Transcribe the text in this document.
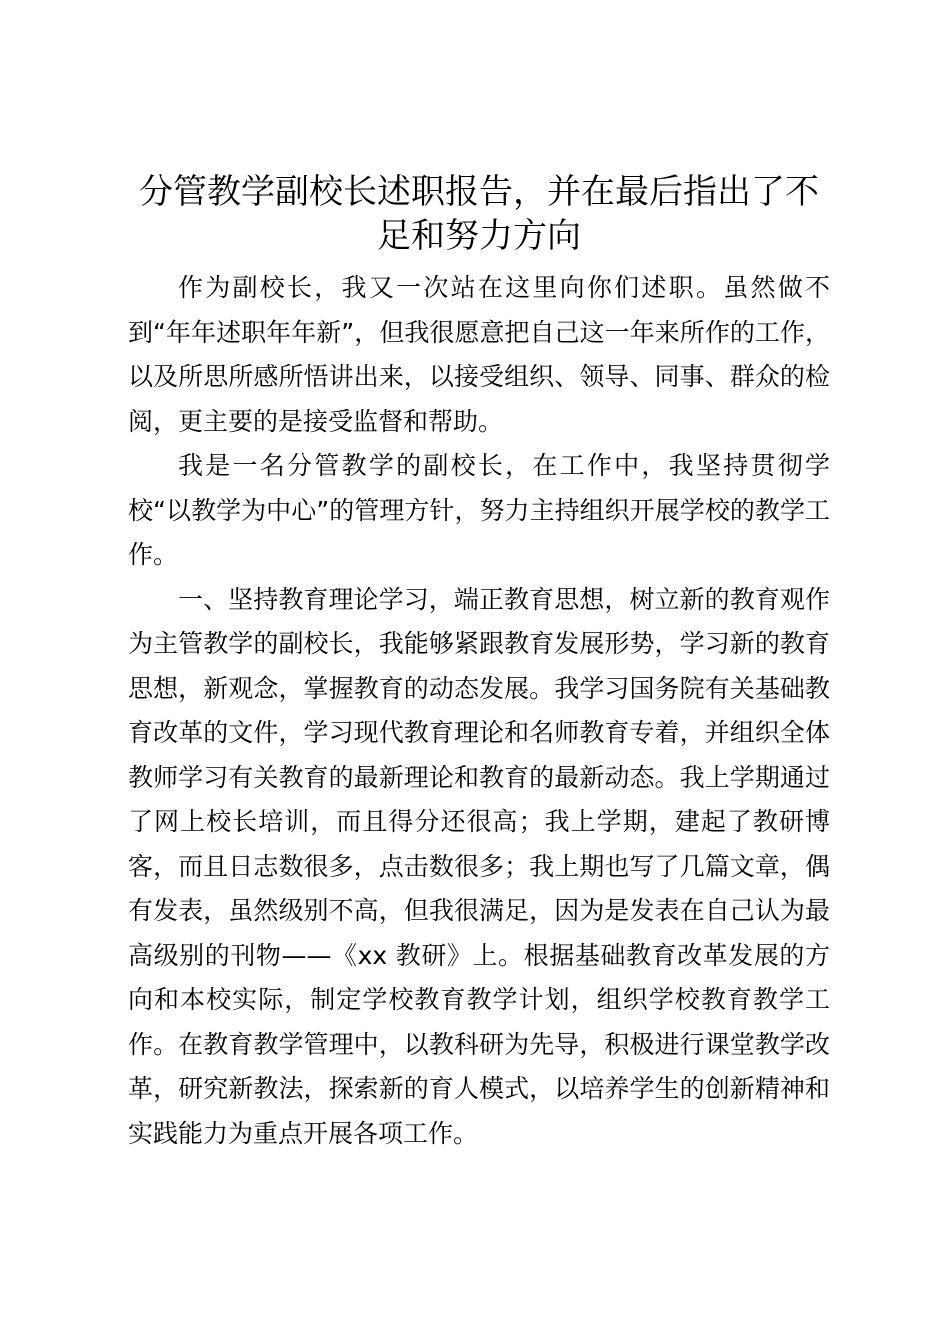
分管教学副校长述职报告，并在最后指出了不足和努力方向

作为副校长，我又一次站在这里向你们述职。虽然做不到“年年述职年年新”，但我很愿意把自己这一年来所作的工作，以及所思所感所悟讲出来，以接受组织、领导、同事、群众的检阅，更主要的是接受监督和帮助。

我是一名分管教学的副校长，在工作中，我坚持贯彻学校“以教学为中心”的管理方针，努力主持组织开展学校的教学工作。

一、坚持教育理论学习，端正教育思想，树立新的教育观作为主管教学的副校长，我能够紧跟教育发展形势，学习新的教育思想，新观念，掌握教育的动态发展。我学习国务院有关基础教育改革的文件，学习现代教育理论和名师教育专着，并组织全体教师学习有关教育的最新理论和教育的最新动态。我上学期通过了网上校长培训，而且得分还很高；我上学期，建起了教研博客，而且日志数很多，点击数很多；我上期也写了几篇文章，偶有发表，虽然级别不高，但我很满足，因为是发表在自己认为最高级别的刊物——《xx 教研》上。根据基础教育改革发展的方向和本校实际，制定学校教育教学计划，组织学校教育教学工作。在教育教学管理中，以教科研为先导，积极进行课堂教学改革，研究新教法，探索新的育人模式，以培养学生的创新精神和实践能力为重点开展各项工作。
